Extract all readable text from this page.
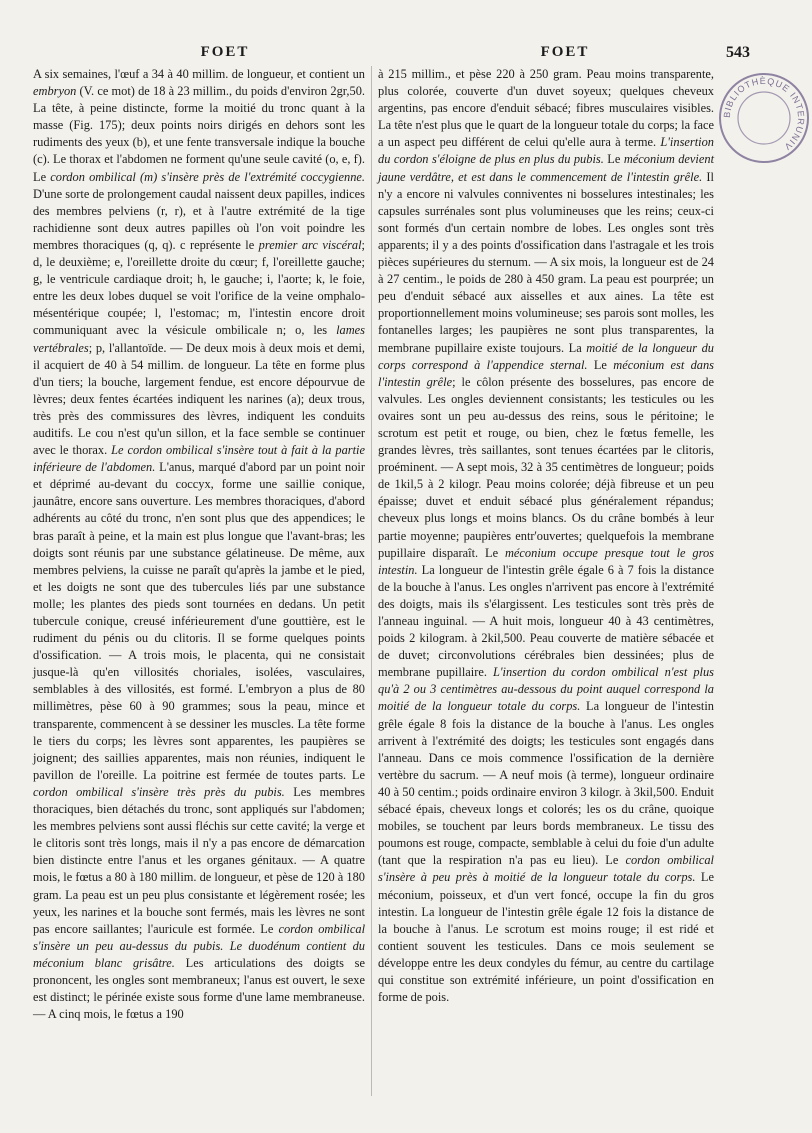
FOET	FOET	543
BIBLIOTHÈQUE INTERUNIV

A six semaines, l'œuf a 34 à 40 millim. de longueur, et contient un embryon (V. ce mot) de 18 à 23 millim., du poids d'environ 2gr,50. La tête, à peine distincte, forme la moitié du tronc quant à la masse (Fig. 175); deux points noirs dirigés en dehors sont les rudiments des yeux (b), et une fente transversale indique la bouche (c). Le thorax et l'abdomen ne forment qu'une seule cavité (o, e, f). Le cordon ombilical (m) s'insère près de l'extrémité coccygienne. D'une sorte de prolongement caudal naissent deux papilles, indices des membres pelviens (r, r), et à l'autre extrémité de la tige rachidienne sont deux autres papilles où l'on voit poindre les membres thoraciques (q, q). c représente le premier arc viscéral; d, le deuxième; e, l'oreillette droite du cœur; f, l'oreillette gauche; g, le ventricule cardiaque droit; h, le gauche; i, l'aorte; k, le foie, entre les deux lobes duquel se voit l'orifice de la veine omphalo-mésentérique coupée; l, l'estomac; m, l'intestin encore droit communiquant avec la vésicule ombilicale n; o, les lames vertébrales; p, l'allantoïde. — De deux mois à deux mois et demi, il acquiert de 40 à 54 millim. de longueur. La tête en forme plus d'un tiers; la bouche, largement fendue, est encore dépourvue de lèvres; deux fentes écartées indiquent les narines (a); deux trous, très près des commissures des lèvres, indiquent les conduits auditifs. Le cou n'est qu'un sillon, et la face semble se continuer avec le thorax. Le cordon ombilical s'insère tout à fait à la partie inférieure de l'abdomen. L'anus, marqué d'abord par un point noir et déprimé au-devant du coccyx, forme une saillie conique, jaunâtre, encore sans ouverture. Les membres thoraciques, d'abord adhérents au côté du tronc, n'en sont plus que des appendices; le bras paraît à peine, et la main est plus longue que l'avant-bras; les doigts sont réunis par une substance gélatineuse. De même, aux membres pelviens, la cuisse ne paraît qu'après la jambe et le pied, et les doigts ne sont que des tubercules liés par une substance molle; les plantes des pieds sont tournées en dedans. Un petit tubercule conique, creusé inférieurement d'une gouttière, est le rudiment du pénis ou du clitoris. Il se forme quelques points d'ossification. — A trois mois, le placenta, qui ne consistait jusque-là qu'en villosités choriales, isolées, vasculaires, semblables à des villosités, est formé. L'embryon a plus de 80 millimètres, pèse 60 à 90 grammes; sous la peau, mince et transparente, commencent à se dessiner les muscles. La tête forme le tiers du corps; les lèvres sont apparentes, les paupières se joignent; des saillies apparentes, mais non réunies, indiquent le pavillon de l'oreille. La poitrine est fermée de toutes parts. Le cordon ombilical s'insère très près du pubis. Les membres thoraciques, bien détachés du tronc, sont appliqués sur l'abdomen; les membres pelviens sont aussi fléchis sur cette cavité; la verge et le clitoris sont très longs, mais il n'y a pas encore de démarcation bien distincte entre l'anus et les organes génitaux. — A quatre mois, le fœtus a 80 à 180 millim. de longueur, et pèse de 120 à 180 gram. La peau est un peu plus consistante et légèrement rosée; les yeux, les narines et la bouche sont fermés, mais les lèvres ne sont pas encore saillantes; l'auricule est formée. Le cordon ombilical s'insère un peu au-dessus du pubis. Le duodénum contient du méconium blanc grisâtre. Les articulations des doigts se prononcent, les ongles sont membraneux; l'anus est ouvert, le sexe est distinct; le périnée existe sous forme d'une lame membraneuse. — A cinq mois, le fœtus a 190

à 215 millim., et pèse 220 à 250 gram. Peau moins transparente, plus colorée, couverte d'un duvet soyeux; quelques cheveux argentins, pas encore d'enduit sébacé; fibres musculaires visibles. La tête n'est plus que le quart de la longueur totale du corps; la face a un aspect peu différent de celui qu'elle aura à terme. L'insertion du cordon s'éloigne de plus en plus du pubis. Le méconium devient jaune verdâtre, et est dans le commencement de l'intestin grêle. Il n'y a encore ni valvules conniventes ni bosselures intestinales; les capsules surrénales sont plus volumineuses que les reins; ceux-ci sont formés d'un certain nombre de lobes. Les ongles sont très apparents; il y a des points d'ossification dans l'astragale et les trois pièces supérieures du sternum. — A six mois, la longueur est de 24 à 27 centim., le poids de 280 à 450 gram. La peau est pourprée; un peu d'enduit sébacé aux aisselles et aux aines. La tête est proportionnellement moins volumineuse; ses parois sont molles, les fontanelles larges; les paupières ne sont plus transparentes, la membrane pupillaire existe toujours. La moitié de la longueur du corps correspond à l'appendice sternal. Le méconium est dans l'intestin grêle; le côlon présente des bosselures, pas encore de valvules. Les ongles deviennent consistants; les testicules ou les ovaires sont un peu au-dessus des reins, sous le péritoine; le scrotum est petit et rouge, ou bien, chez le fœtus femelle, les grandes lèvres, très saillantes, sont tenues écartées par le clitoris, proéminent. — A sept mois, 32 à 35 centimètres de longueur; poids de 1kil,5 à 2 kilogr. Peau moins colorée; déjà fibreuse et un peu épaisse; duvet et enduit sébacé plus généralement répandus; cheveux plus longs et moins blancs. Os du crâne bombés à leur partie moyenne; paupières entr'ouvertes; quelquefois la membrane pupillaire disparaît. Le méconium occupe presque tout le gros intestin. La longueur de l'intestin grêle égale 6 à 7 fois la distance de la bouche à l'anus. Les ongles n'arrivent pas encore à l'extrémité des doigts, mais ils s'élargissent. Les testicules sont très près de l'anneau inguinal. — A huit mois, longueur 40 à 43 centimètres, poids 2 kilogram. à 2kil,500. Peau couverte de matière sébacée et de duvet; circonvolutions cérébrales bien dessinées; plus de membrane pupillaire. L'insertion du cordon ombilical n'est plus qu'à 2 ou 3 centimètres au-dessous du point auquel correspond la moitié de la longueur totale du corps. La longueur de l'intestin grêle égale 8 fois la distance de la bouche à l'anus. Les ongles arrivent à l'extrémité des doigts; les testicules sont engagés dans l'anneau. Dans ce mois commence l'ossification de la dernière vertèbre du sacrum. — A neuf mois (à terme), longueur ordinaire 40 à 50 centim.; poids ordinaire environ 3 kilogr. à 3kil,500. Enduit sébacé épais, cheveux longs et colorés; les os du crâne, quoique mobiles, se touchent par leurs bords membraneux. Le tissu des poumons est rouge, compacte, semblable à celui du foie d'un adulte (tant que la respiration n'a pas eu lieu). Le cordon ombilical s'insère à peu près à moitié de la longueur totale du corps. Le méconium, poisseux, et d'un vert foncé, occupe la fin du gros intestin. La longueur de l'intestin grêle égale 12 fois la distance de la bouche à l'anus. Le scrotum est moins rouge; il est ridé et contient souvent les testicules. Dans ce mois seulement se développe entre les deux condyles du fémur, au centre du cartilage qui constitue son extrémité inférieure, un point d'ossification en forme de pois.
